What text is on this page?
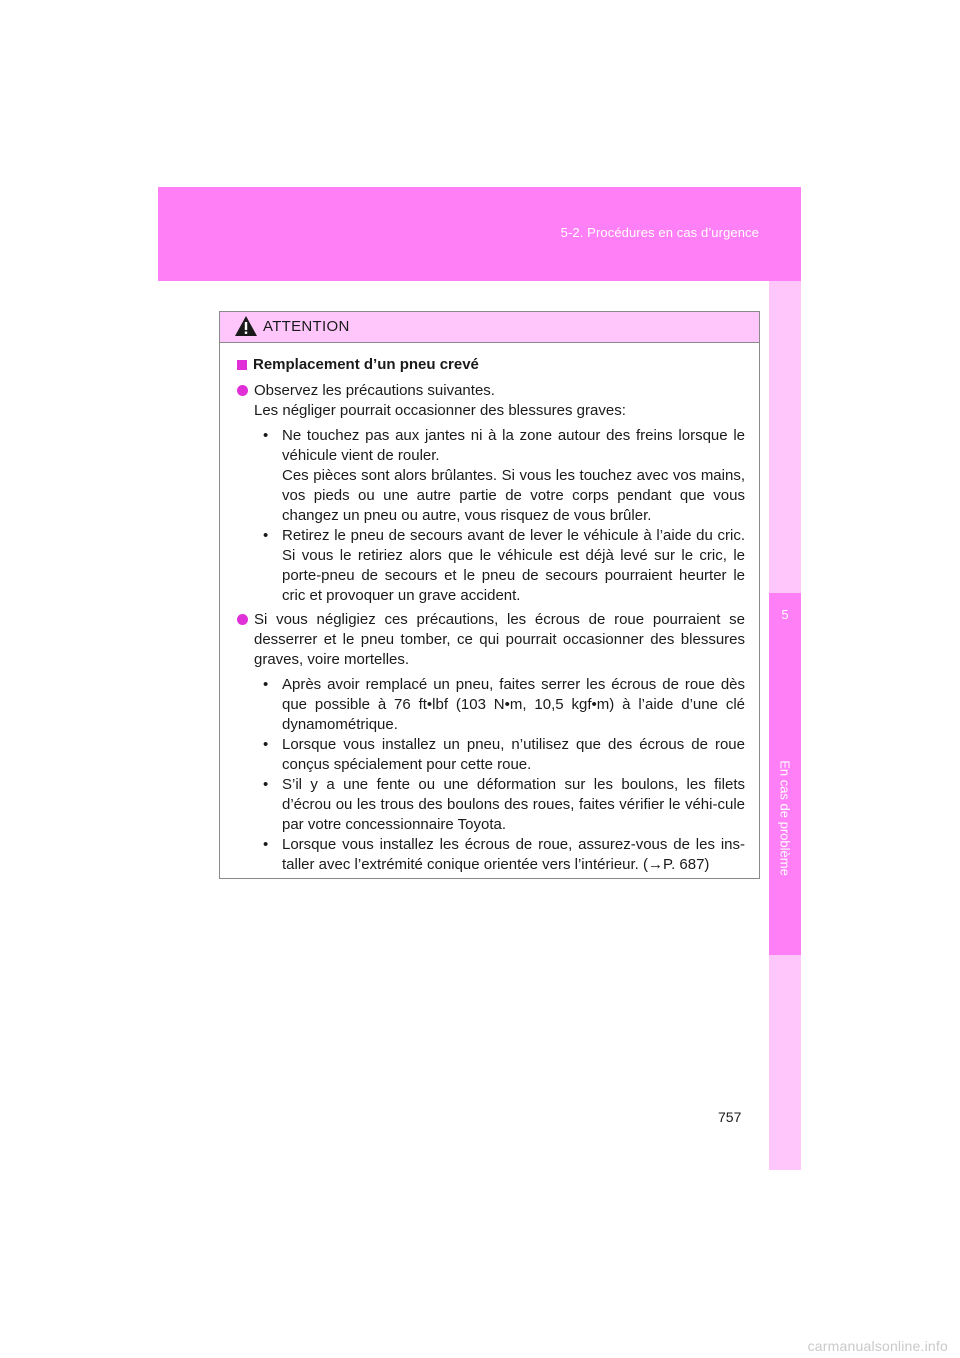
5-2. Procédures en cas d’urgence
5
En cas de problème
ATTENTION
Remplacement d’un pneu crevé
Observez les précautions suivantes.
Les négliger pourrait occasionner des blessures graves:
• Ne touchez pas aux jantes ni à la zone autour des freins lorsque le véhicule vient de rouler.
Ces pièces sont alors brûlantes. Si vous les touchez avec vos mains, vos pieds ou une autre partie de votre corps pendant que vous changez un pneu ou autre, vous risquez de vous brûler.
• Retirez le pneu de secours avant de lever le véhicule à l’aide du cric. Si vous le retiriez alors que le véhicule est déjà levé sur le cric, le porte-pneu de secours et le pneu de secours pourraient heurter le cric et provoquer un grave accident.
Si vous négligiez ces précautions, les écrous de roue pourraient se desserrer et le pneu tomber, ce qui pourrait occasionner des blessures graves, voire mortelles.
• Après avoir remplacé un pneu, faites serrer les écrous de roue dès que possible à 76 ft•lbf (103 N•m, 10,5 kgf•m) à l’aide d’une clé dynamométrique.
• Lorsque vous installez un pneu, n’utilisez que des écrous de roue conçus spécialement pour cette roue.
• S’il y a une fente ou une déformation sur les boulons, les filets d’écrou ou les trous des boulons des roues, faites vérifier le véhi-cule par votre concessionnaire Toyota.
• Lorsque vous installez les écrous de roue, assurez-vous de les ins-taller avec l’extrémité conique orientée vers l’intérieur. (→P. 687)
757
carmanualsonline.info
